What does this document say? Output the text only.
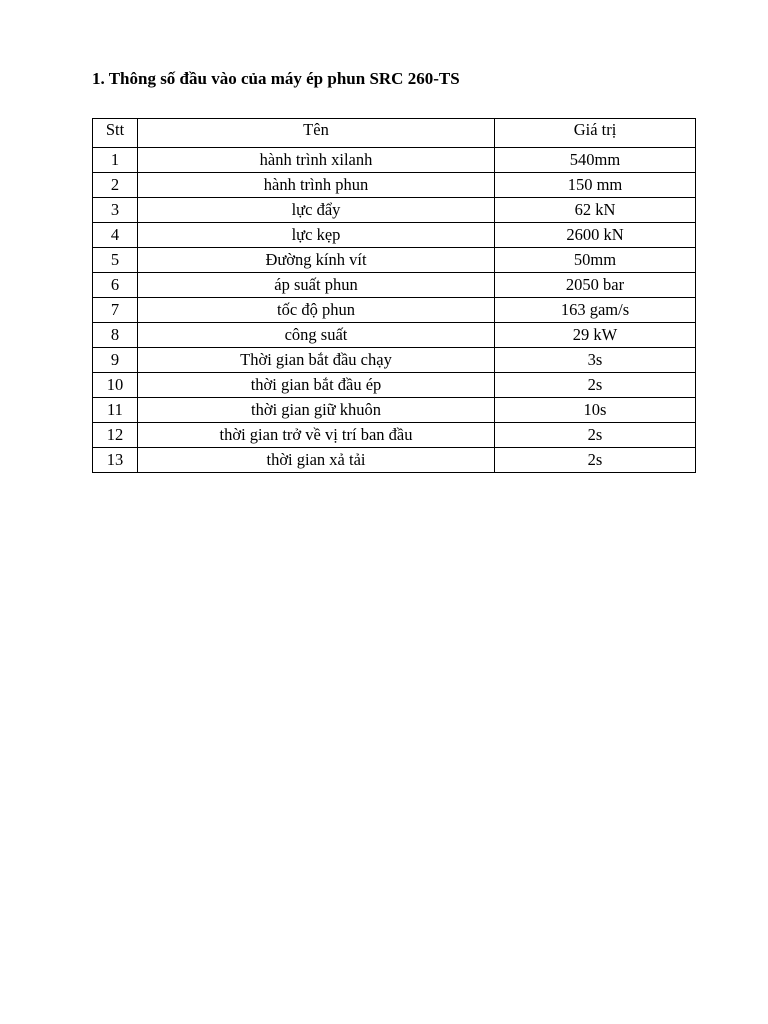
1. Thông số đầu vào của máy ép phun SRC 260-TS
Stt	Tên	Giá trị
1	hành trình xilanh	540mm
2	hành trình phun	150 mm
3	lực đẩy	62 kN
4	lực kẹp	2600 kN
5	Đường kính vít	50mm
6	áp suất phun	2050 bar
7	tốc độ phun	163 gam/s
8	công suất	29 kW
9	Thời gian bắt đầu chạy	3s
10	thời gian bắt đầu ép	2s
11	thời gian giữ khuôn	10s
12	thời gian trở về vị trí ban đầu	2s
13	thời gian xả tải	2s
